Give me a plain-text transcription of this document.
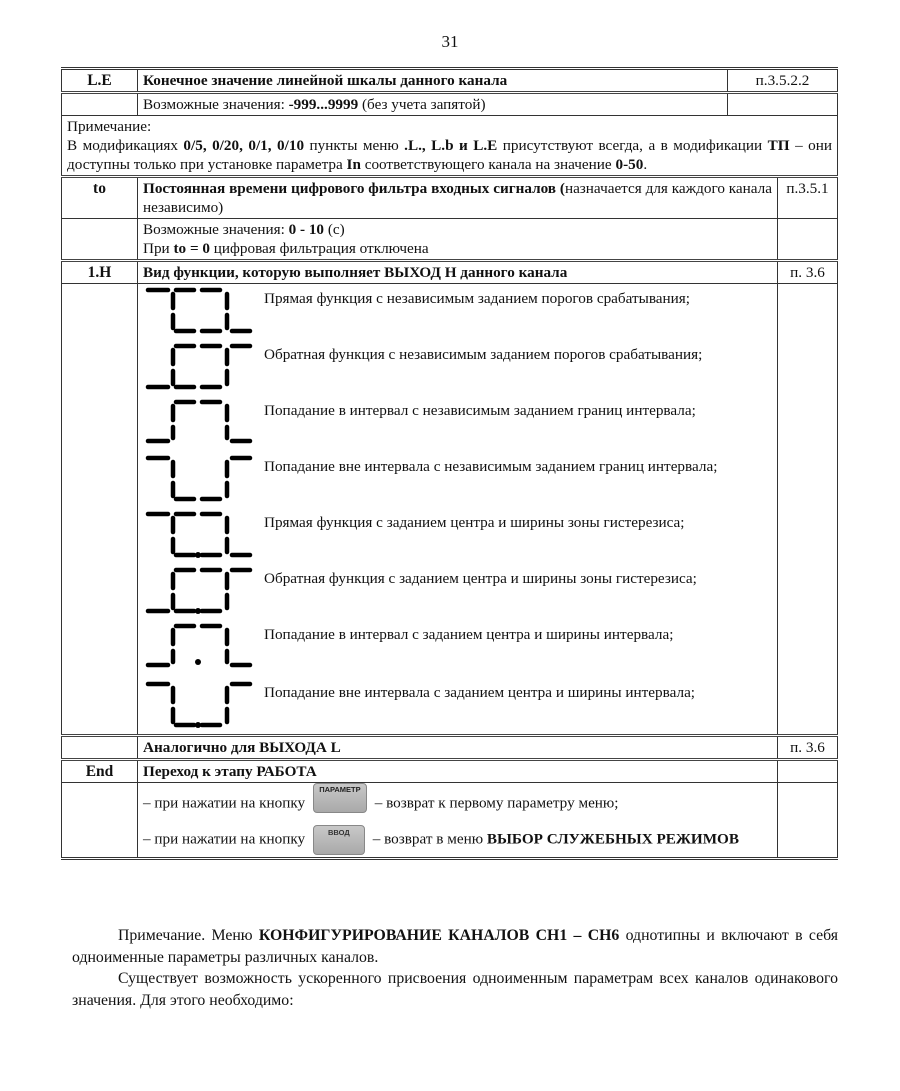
31
L.E	Конечное значение линейной шкалы данного канала	п.3.5.2.2	
	Возможные значения: -999...9999 (без учета запятой)		

Примечание:
В модификациях 0/5, 0/20, 0/1, 0/10 пункты меню .L., L.b и L.E присутствуют всегда, а в модификации ТП – они доступны только при установке параметра In соответствующего канала на значение 0-50.			

to	Постоянная времени цифрового фильтра входных сигналов (назначается для каждого канала независимо)		п.3.5.1

	Возможные значения: 0 - 10 (с)
При to = 0 цифровая фильтрация отключена		

1.H	Вид функции, которую выполняет ВЫХОД Н данного канала		п. 3.6

Прямая функция с независимым заданием порогов срабатывания;
Обратная функция с независимым заданием порогов срабатывания;
Попадание в интервал с независимым заданием границ интервала;
Попадание вне интервала с независимым заданием границ интервала;
Прямая функция с заданием центра и ширины зоны гистерезиса;
Обратная функция с заданием центра и ширины зоны гистерезиса;
Попадание в интервал с заданием центра и ширины интервала;
Попадание вне интервала с заданием центра и ширины интервала;

	Аналогично для ВЫХОДА L		п. 3.6
End	Переход к этапу РАБОТА		

	– при нажатии на кнопку ПАРАМЕТР – возврат к первому параметру меню;
– при нажатии на кнопку ВВОД – возврат в меню ВЫБОР СЛУЖЕБНЫХ РЕЖИМОВ		

Примечание. Меню КОНФИГУРИРОВАНИЕ КАНАЛОВ СН1 – СН6 однотипны и включают в себя одноименные параметры различных каналов.

Существует возможность ускоренного присвоения одноименным параметрам всех каналов одинакового значения. Для этого необходимо:
